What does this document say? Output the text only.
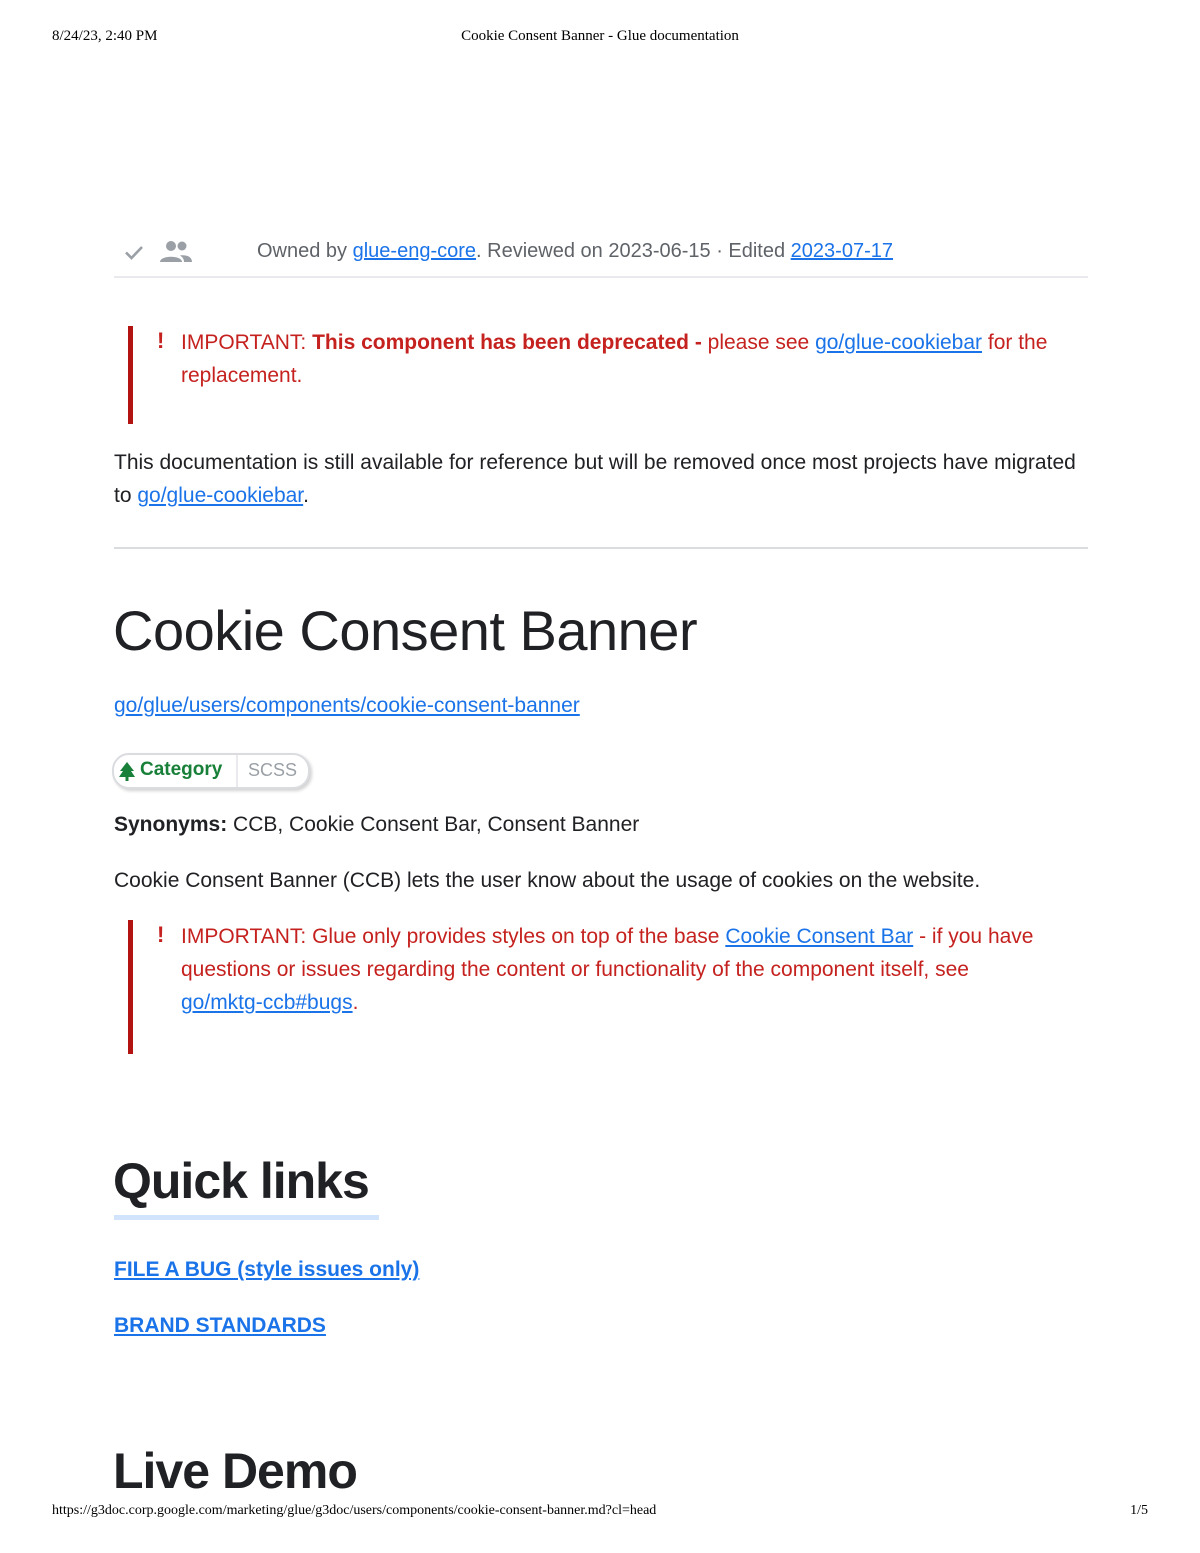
8/24/23, 2:40 PM	Cookie Consent Banner - Glue documentation
Owned by glue-eng-core. Reviewed on 2023-06-15 · Edited 2023-07-17
! IMPORTANT: This component has been deprecated - please see go/glue-cookiebar for the replacement.
This documentation is still available for reference but will be removed once most projects have migrated to go/glue-cookiebar.
Cookie Consent Banner
go/glue/users/components/cookie-consent-banner
Category SCSS
Synonyms: CCB, Cookie Consent Bar, Consent Banner
Cookie Consent Banner (CCB) lets the user know about the usage of cookies on the website.
! IMPORTANT: Glue only provides styles on top of the base Cookie Consent Bar - if you have questions or issues regarding the content or functionality of the component itself, see go/mktg-ccb#bugs.
Quick links
FILE A BUG (style issues only)
BRAND STANDARDS
Live Demo
https://g3doc.corp.google.com/marketing/glue/g3doc/users/components/cookie-consent-banner.md?cl=head	1/5
